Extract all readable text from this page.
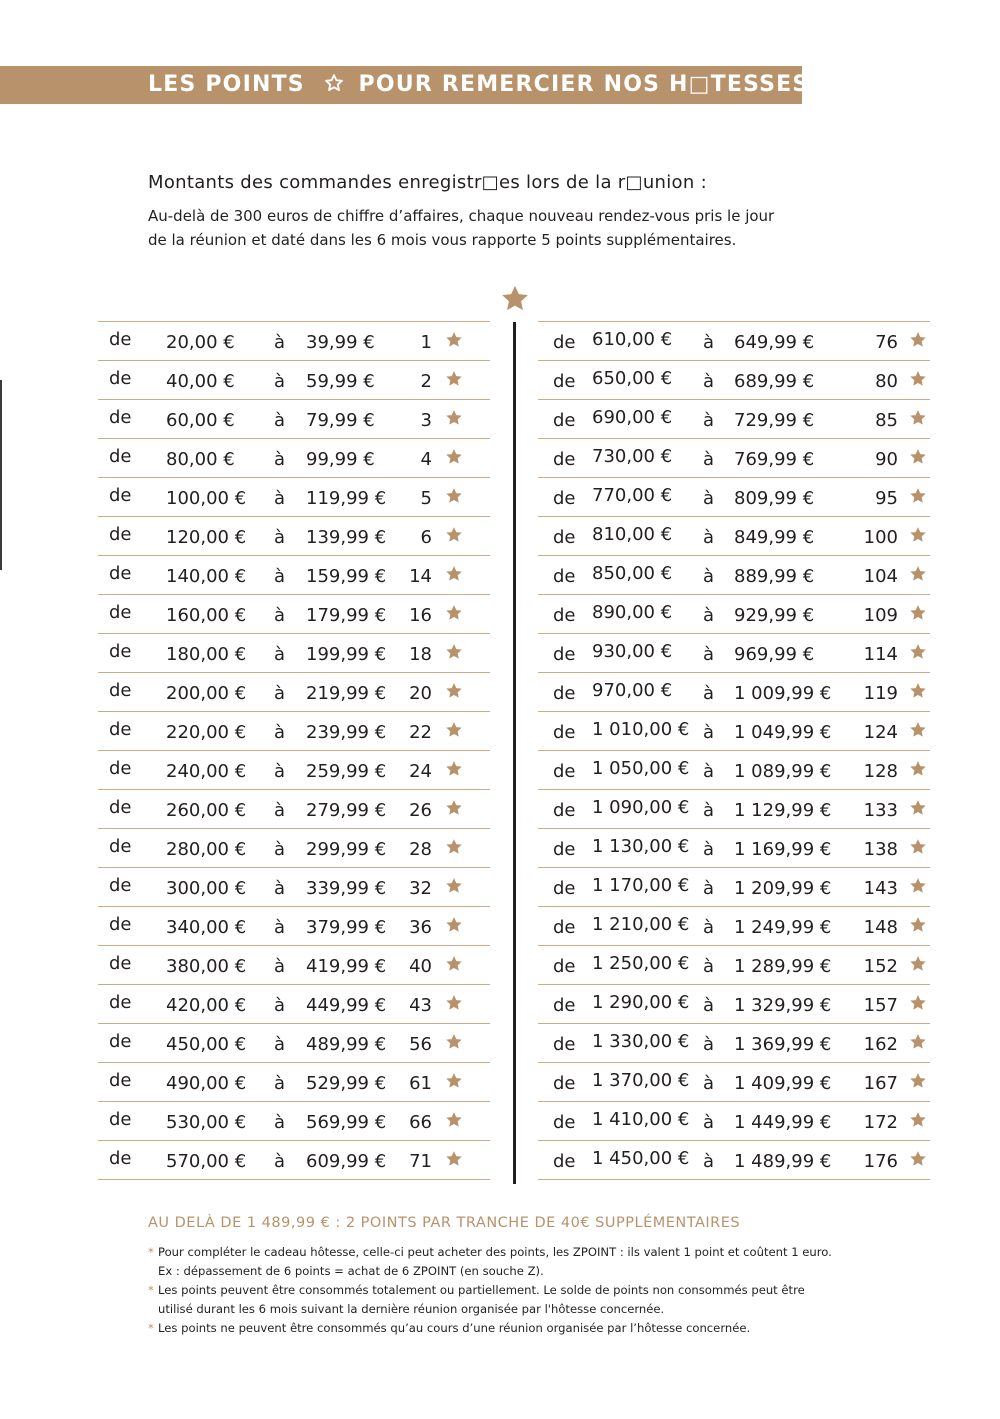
LES POINTS POUR REMERCIER NOS H□TESSES
Montants des commandes enregistr□es lors de la r□union :
Au-delà de 300 euros de chiffre d’affaires, chaque nouveau rendez-vous pris le jour
de la réunion et daté dans les 6 mois vous rapporte 5 points supplémentaires.
de 20,00 € à 39,99 €	1
de 40,00 € à 59,99 €	2
de 60,00 € à 79,99 €	3
de 80,00 € à 99,99 €	4
de 100,00 € à 119,99 € 5
de 120,00 € à 139,99 € 6
de 140,00 € à 159,99 € 14
de 160,00 € à 179,99 € 16
de 180,00 € à 199,99 € 18
de 200,00 € à 219,99 € 20
de 220,00 € à 239,99 € 22
de 240,00 € à 259,99 € 24
de 260,00 € à 279,99 € 26
de 280,00 € à 299,99 € 28
de 300,00 € à 339,99 € 32
de 340,00 € à 379,99 € 36
de 380,00 € à 419,99 € 40
de 420,00 € à 449,99 € 43
de 450,00 € à 489,99 € 56
de 490,00 € à 529,99 € 61
de 530,00 € à 569,99 € 66
de 570,00 € à 609,99 € 71
de 610,00 € à 649,99 €	76
de 650,00 € à 689,99 €	80
de 690,00 € à 729,99 €	85
de 730,00 € à 769,99 €	90
de 770,00 € à 809,99 €	95
de 810,00 € à 849,99 €	100
de 850,00 € à 889,99 €	104
de 890,00 € à 929,99 €	109
de 930,00 € à 969,99 €	114
de 970,00 € à 1 009,99 € 119
de 1 010,00 € à 1 049,99 € 124
de 1 050,00 € à 1 089,99 € 128
de 1 090,00 € à 1 129,99 € 133
de 1 130,00 € à 1 169,99 € 138
de 1 170,00 € à 1 209,99 € 143
de 1 210,00 € à 1 249,99 € 148
de 1 250,00 € à 1 289,99 € 152
de 1 290,00 € à 1 329,99 € 157
de 1 330,00 € à 1 369,99 € 162
de 1 370,00 € à 1 409,99 € 167
de 1 410,00 € à 1 449,99 € 172
de 1 450,00 € à 1 489,99 € 176
AU DELÀ DE 1 489,99 € : 2 POINTS PAR TRANCHE DE 40€ SUPPLÉMENTAIRES
* Pour compléter le cadeau hôtesse, celle-ci peut acheter des points, les ZPOINT : ils valent 1 point et coûtent 1 euro.
Ex : dépassement de 6 points = achat de 6 ZPOINT (en souche Z).
* Les points peuvent être consommés totalement ou partiellement. Le solde de points non consommés peut être
utilisé durant les 6 mois suivant la dernière réunion organisée par l'hôtesse concernée.
* Les points ne peuvent être consommés qu’au cours d’une réunion organisée par l’hôtesse concernée.
